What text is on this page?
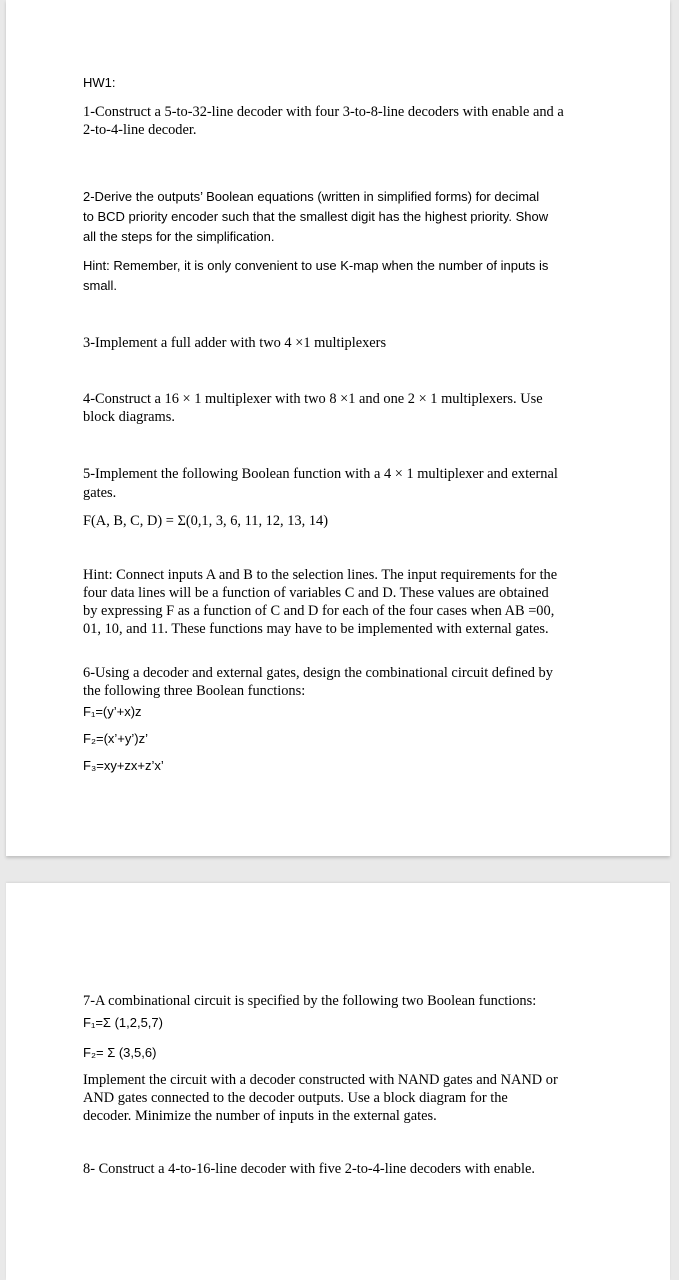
HW1:

1-Construct a 5-to-32-line decoder with four 3-to-8-line decoders with enable and a

2-to-4-line decoder.

2-Derive the outputs’ Boolean equations (written in simplified forms) for decimal

to BCD priority encoder such that the smallest digit has the highest priority. Show

all the steps for the simplification.

Hint: Remember, it is only convenient to use K-map when the number of inputs is

small.

3-Implement a full adder with two 4 ×1 multiplexers

4-Construct a 16 × 1 multiplexer with two 8 ×1 and one 2 × 1 multiplexers. Use

block diagrams.

5-Implement the following Boolean function with a 4 × 1 multiplexer and external

gates.

F(A, B, C, D) = Σ(0,1, 3, 6, 11, 12, 13, 14)

Hint: Connect inputs A and B to the selection lines. The input requirements for the

four data lines will be a function of variables C and D. These values are obtained

by expressing F as a function of C and D for each of the four cases when AB =00,

01, 10, and 11. These functions may have to be implemented with external gates.

6-Using a decoder and external gates, design the combinational circuit defined by

the following three Boolean functions:

F₁=(y’+x)z

F₂=(x’+y’)z’

F₃=xy+zx+z’x’

7-A combinational circuit is specified by the following two Boolean functions:

F₁=Σ (1,2,5,7)

F₂= Σ (3,5,6)

Implement the circuit with a decoder constructed with NAND gates and NAND or

AND gates connected to the decoder outputs. Use a block diagram for the

decoder. Minimize the number of inputs in the external gates.

8- Construct a 4-to-16-line decoder with five 2-to-4-line decoders with enable.
